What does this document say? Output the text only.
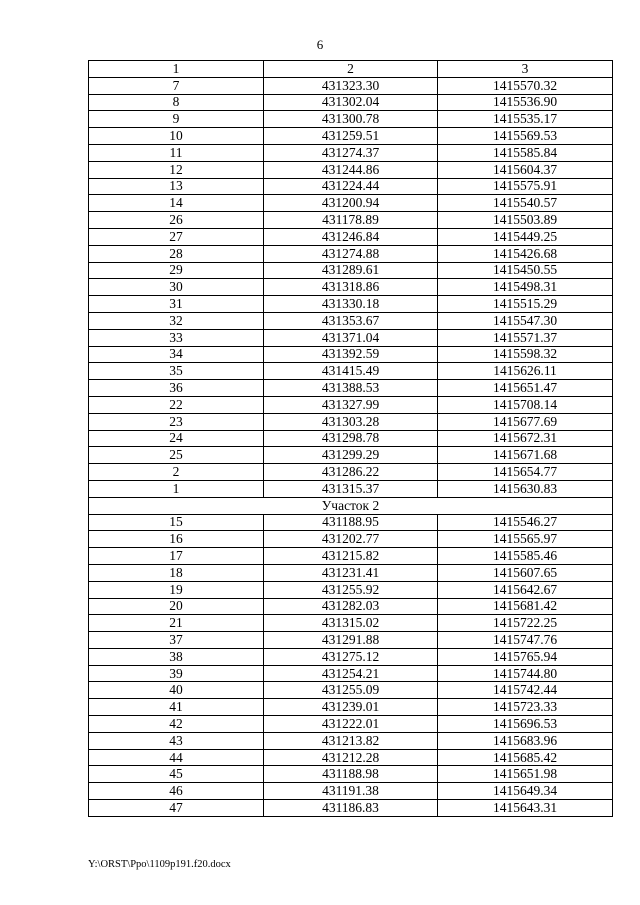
6
1	2	3
7	431323.30	1415570.32
8	431302.04	1415536.90
9	431300.78	1415535.17
10	431259.51	1415569.53
11	431274.37	1415585.84
12	431244.86	1415604.37
13	431224.44	1415575.91
14	431200.94	1415540.57
26	431178.89	1415503.89
27	431246.84	1415449.25
28	431274.88	1415426.68
29	431289.61	1415450.55
30	431318.86	1415498.31
31	431330.18	1415515.29
32	431353.67	1415547.30
33	431371.04	1415571.37
34	431392.59	1415598.32
35	431415.49	1415626.11
36	431388.53	1415651.47
22	431327.99	1415708.14
23	431303.28	1415677.69
24	431298.78	1415672.31
25	431299.29	1415671.68
2	431286.22	1415654.77
1	431315.37	1415630.83
Участок 2		
15	431188.95	1415546.27
16	431202.77	1415565.97
17	431215.82	1415585.46
18	431231.41	1415607.65
19	431255.92	1415642.67
20	431282.03	1415681.42
21	431315.02	1415722.25
37	431291.88	1415747.76
38	431275.12	1415765.94
39	431254.21	1415744.80
40	431255.09	1415742.44
41	431239.01	1415723.33
42	431222.01	1415696.53
43	431213.82	1415683.96
44	431212.28	1415685.42
45	431188.98	1415651.98
46	431191.38	1415649.34
47	431186.83	1415643.31
Y:\ORST\Ppo\1109p191.f20.docx
